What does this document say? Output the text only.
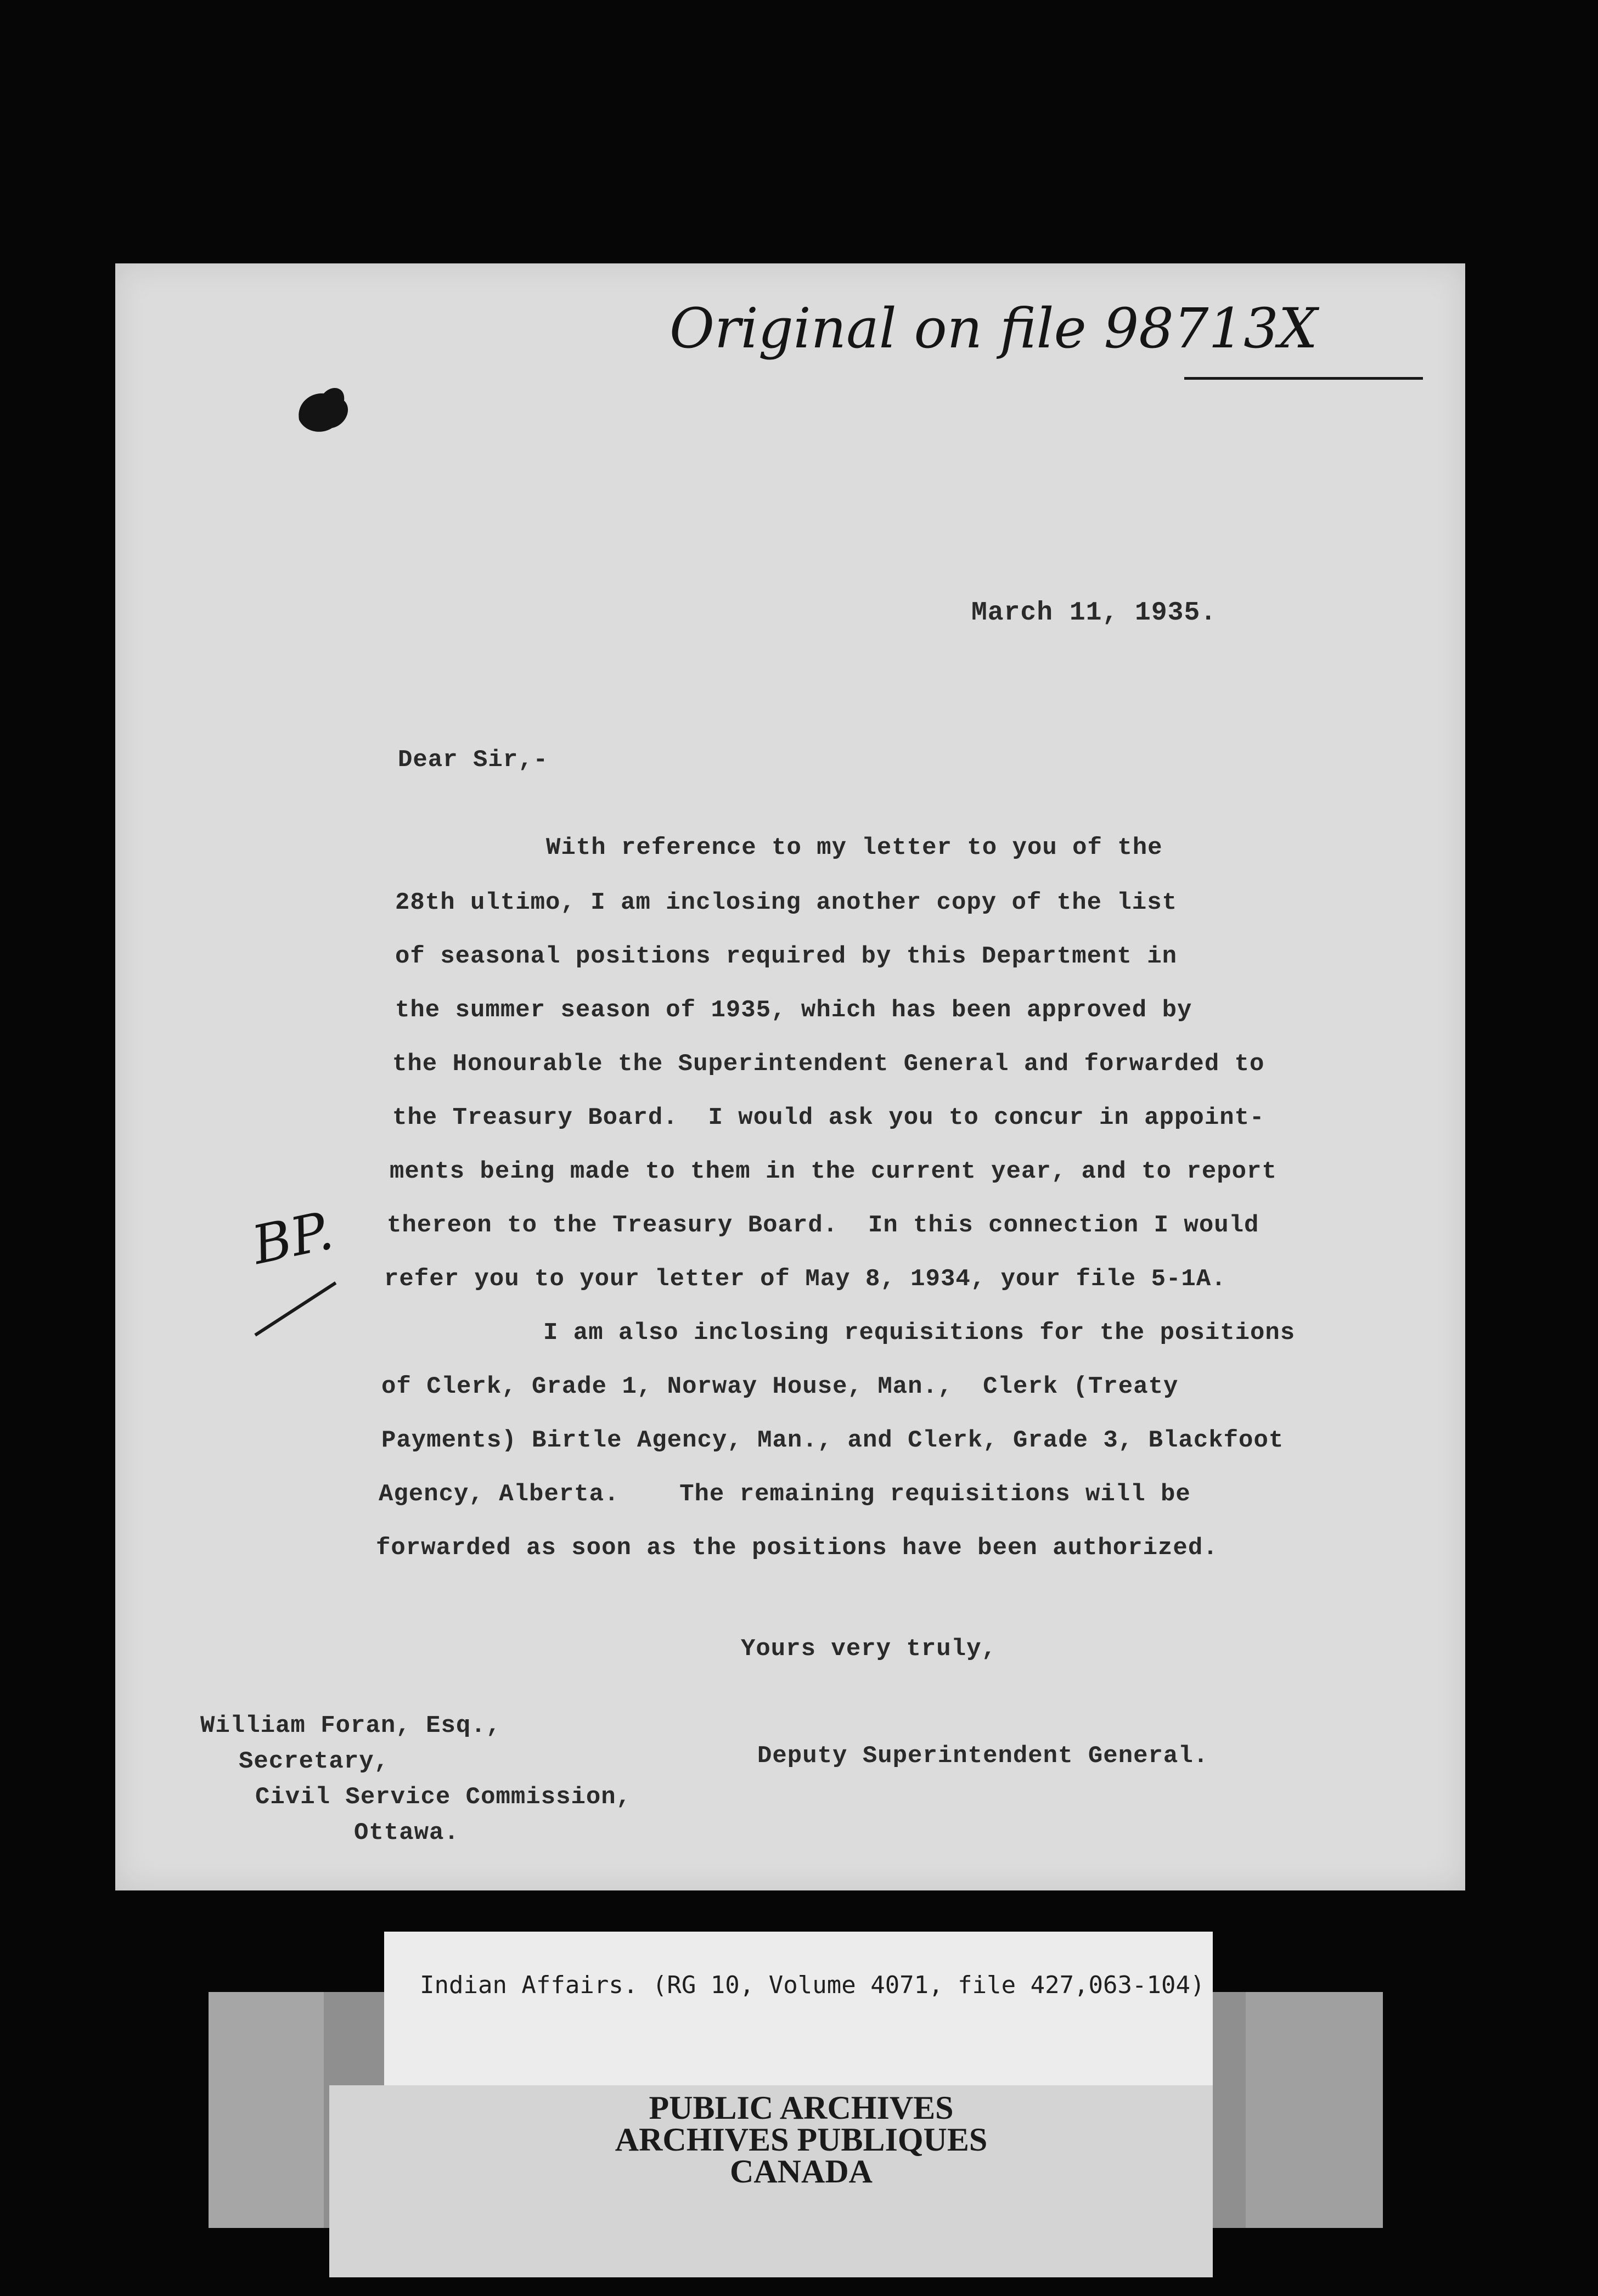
Original on file 98713X
March 11, 1935.
Dear Sir,-
With reference to my letter to you of the
28th ultimo, I am inclosing another copy of the list
of seasonal positions required by this Department in
the summer season of 1935, which has been approved by
the Honourable the Superintendent General and forwarded to
the Treasury Board.  I would ask you to concur in appoint-
ments being made to them in the current year, and to report
thereon to the Treasury Board.  In this connection I would
refer you to your letter of May 8, 1934, your file 5-1A.
BP.
I am also inclosing requisitions for the positions
of Clerk, Grade 1, Norway House, Man.,  Clerk (Treaty
Payments) Birtle Agency, Man., and Clerk, Grade 3, Blackfoot
Agency, Alberta.    The remaining requisitions will be
forwarded as soon as the positions have been authorized.
Yours very truly,
William Foran, Esq.,
Secretary,
Civil Service Commission,
Ottawa.
Deputy Superintendent General.
Indian Affairs. (RG 10, Volume 4071, file 427,063-104)
PUBLIC ARCHIVES
ARCHIVES PUBLIQUES
CANADA
